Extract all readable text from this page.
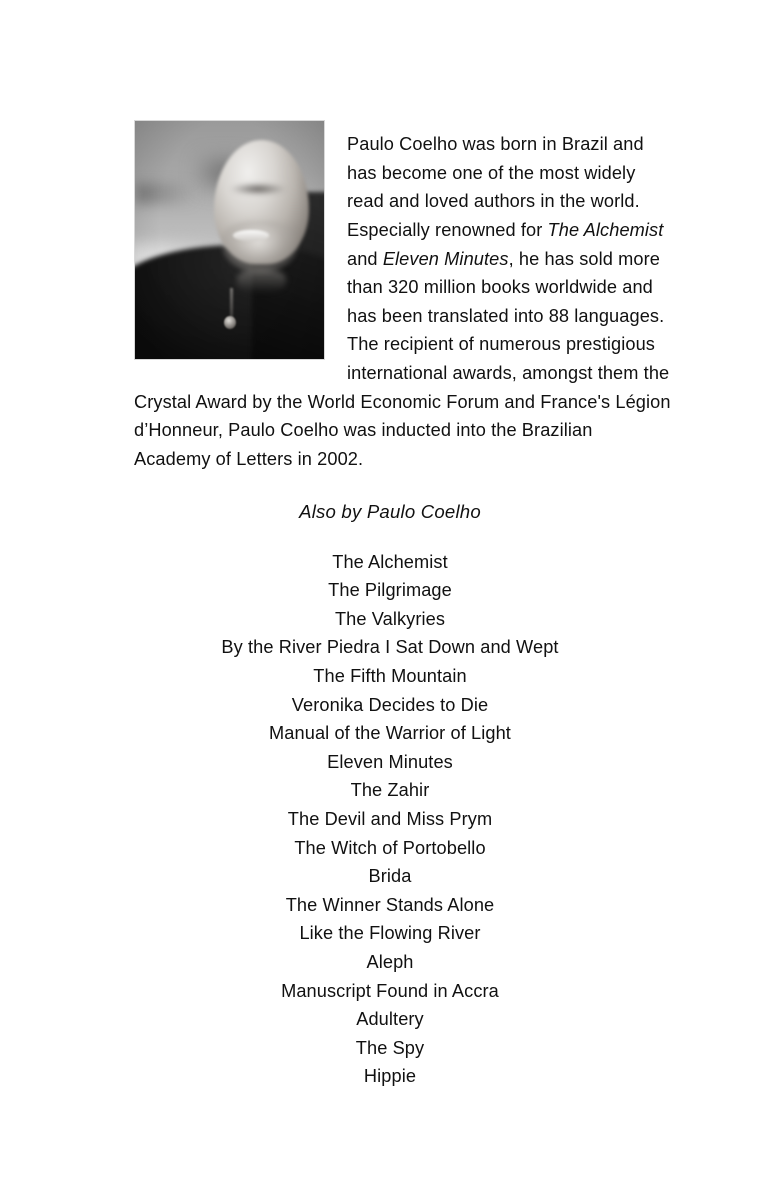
Paulo Coelho was born in Brazil and has become one of the most widely read and loved authors in the world. Especially renowned for The Alchemist and Eleven Minutes, he has sold more than 320 million books worldwide and has been translated into 88 languages. The recipient of numerous prestigious international awards, amongst them the Crystal Award by the World Economic Forum and France's Légion d’Honneur, Paulo Coelho was inducted into the Brazilian Academy of Letters in 2002.

Also by Paulo Coelho
The Alchemist
The Pilgrimage
The Valkyries
By the River Piedra I Sat Down and Wept
The Fifth Mountain
Veronika Decides to Die
Manual of the Warrior of Light
Eleven Minutes
The Zahir
The Devil and Miss Prym
The Witch of Portobello
Brida
The Winner Stands Alone
Like the Flowing River
Aleph
Manuscript Found in Accra
Adultery
The Spy
Hippie
